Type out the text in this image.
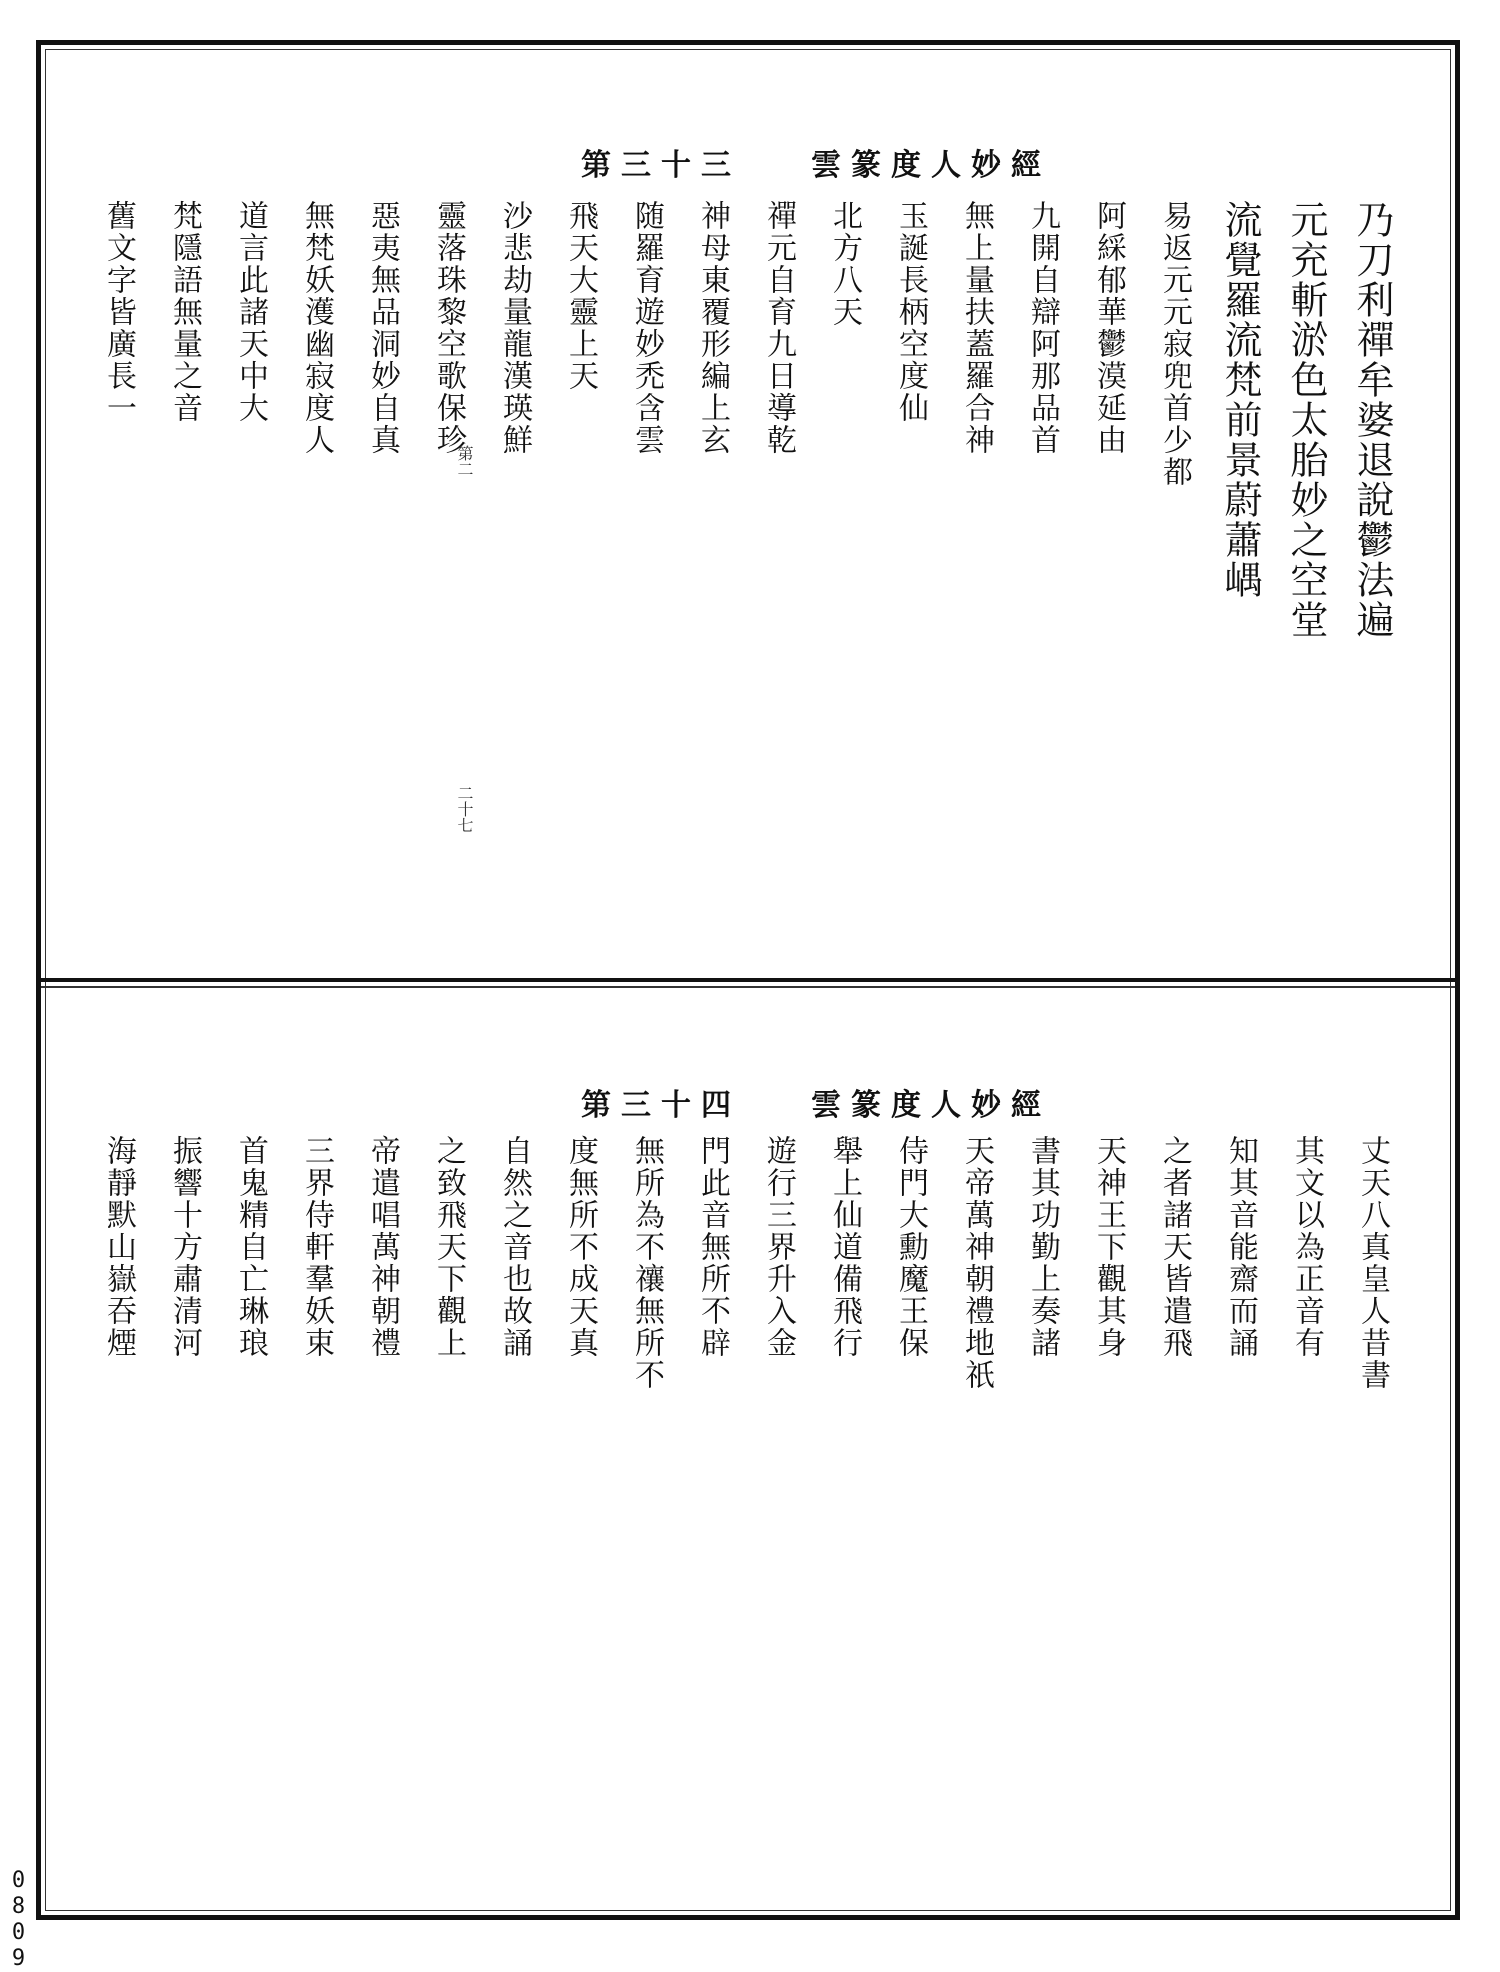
雲篆度人妙經
第三十三
乃刀利禪牟婆退說鬱法遍
元充斬淤色太胎妙之空堂
流覺羅流梵前景蔚蕭嵎
易返元元寂兜首少都
阿綵郁華鬱漠延由
九開自辯阿那品首
無上量扶蓋羅合神
玉誕長柄空度仙
北方八天
禪元自育九日導乾
神母東覆形編上玄
随羅育遊妙禿含雲
飛天大靈上天
沙悲劫量龍漢瑛鮮
靈落珠黎空歌保珍
惡夷無品洞妙自真
無梵妖濩幽寂度人
道言此諸天中大
梵隱語無量之音
舊文字皆廣長一
第二
二十七
雲篆度人妙經
第三十四
丈天八真皇人昔書
其文以為正音有
知其音能齋而誦
之者諸天皆遣飛
天神王下觀其身
書其功勤上奏諸
天帝萬神朝禮地祇
侍門大勳魔王保
舉上仙道備飛行
遊行三界升入金
門此音無所不辟
無所為不禳無所不
度無所不成天真
自然之音也故誦
之致飛天下觀上
帝遣唱萬神朝禮
三界侍軒羣妖束
首鬼精自亡琳琅
振響十方肅清河
海靜默山嶽吞煙
0809
